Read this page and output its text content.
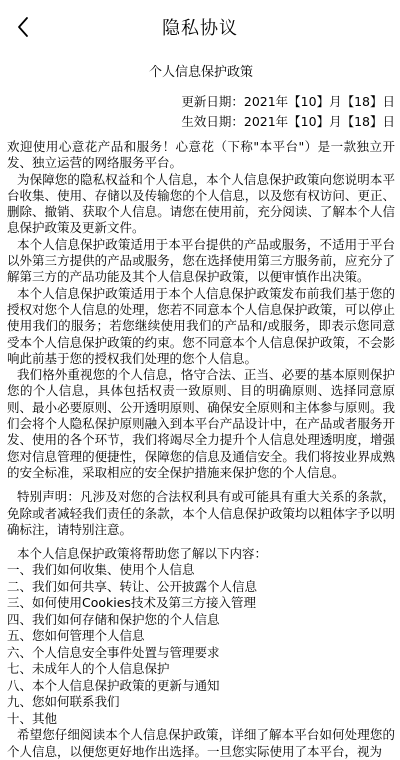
隐私协议
个人信息保护政策
更新日期：2021年【10】月【18】日
生效日期：2021年【10】月【18】日

欢迎使用心意花产品和服务！心意花（下称"本平台"）是一款独立开发、独立运营的网络服务平台。

为保障您的隐私权益和个人信息，本个人信息保护政策向您说明本平台收集、使用、存储以及传输您的个人信息，以及您有权访问、更正、删除、撤销、获取个人信息。请您在使用前，充分阅读、了解本个人信息保护政策及更新文件。

本个人信息保护政策适用于本平台提供的产品或服务，不适用于平台以外第三方提供的产品或服务，您在选择使用第三方服务前，应充分了解第三方的产品功能及其个人信息保护政策，以便审慎作出决策。

本个人信息保护政策适用于本个人信息保护政策发布前我们基于您的授权对您个人信息的处理，您若不同意本个人信息保护政策，可以停止使用我们的服务；若您继续使用我们的产品和/或服务，即表示您同意受本个人信息保护政策的约束。您不同意本个人信息保护政策，不会影响此前基于您的授权我们处理的您个人信息。

我们格外重视您的个人信息，恪守合法、正当、必要的基本原则保护您的个人信息，具体包括权责一致原则、目的明确原则、选择同意原则、最小必要原则、公开透明原则、确保安全原则和主体参与原则。我们会将个人隐私保护原则融入到本平台产品设计中，在产品或者服务开发、使用的各个环节，我们将竭尽全力提升个人信息处理透明度，增强您对信息管理的便捷性，保障您的信息及通信安全。我们将按业界成熟的安全标准，采取相应的安全保护措施来保护您的个人信息。

特别声明：凡涉及对您的合法权利具有或可能具有重大关系的条款，免除或者减轻我们责任的条款，本个人信息保护政策均以粗体字予以明确标注，请特别注意。

本个人信息保护政策将帮助您了解以下内容：

一、我们如何收集、使用个人信息
二、我们如何共享、转让、公开披露个人信息
三、如何使用Cookies技术及第三方接入管理
四、我们如何存储和保护您的个人信息
五、您如何管理个人信息
六、个人信息安全事件处置与管理要求
七、未成年人的个人信息保护
八、本个人信息保护政策的更新与通知
九、您如何联系我们
十、其他

希望您仔细阅读本个人信息保护政策，详细了解本平台如何处理您的个人信息，以便您更好地作出选择。一旦您实际使用了本平台，视为
